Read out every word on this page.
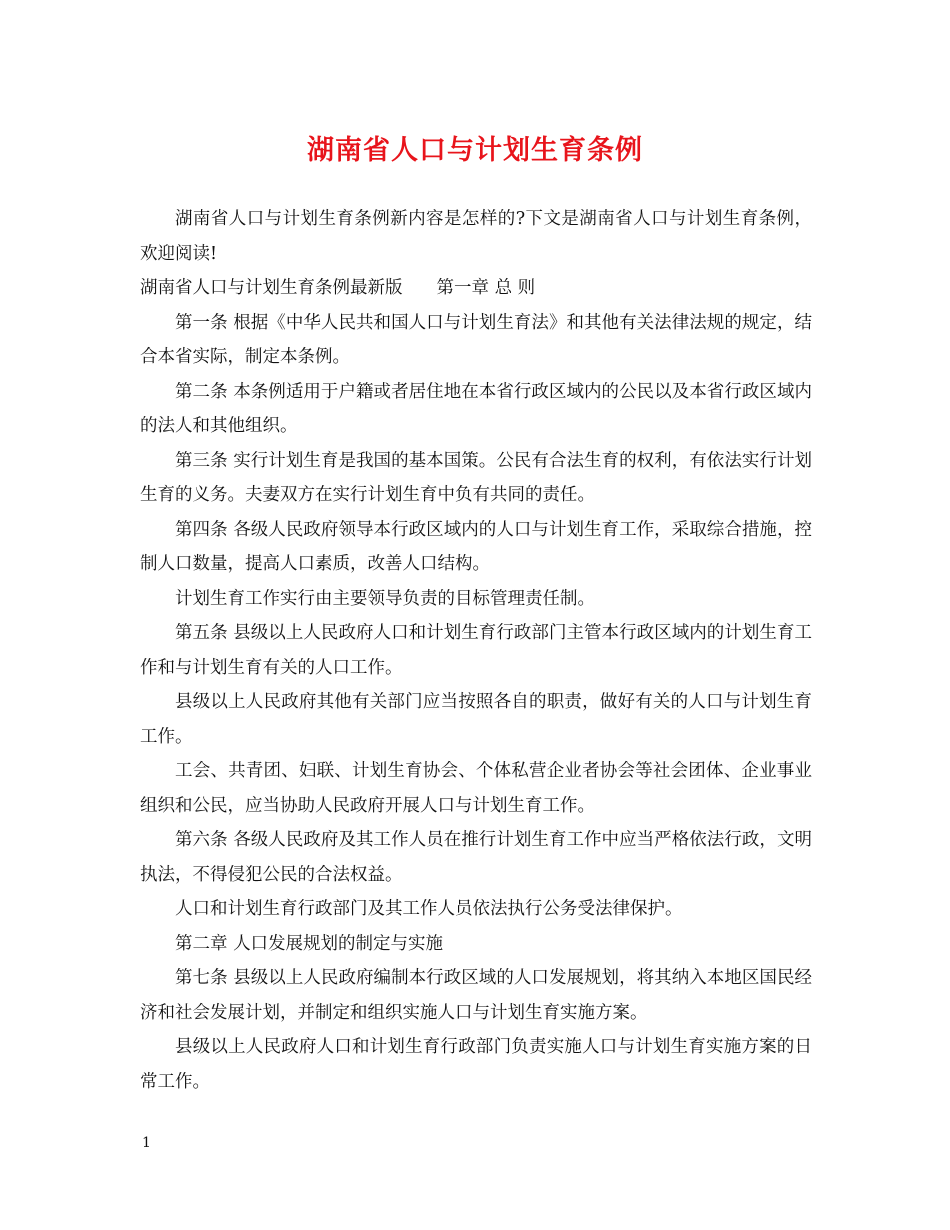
湖南省人口与计划生育条例

湖南省人口与计划生育条例新内容是怎样的?下文是湖南省人口与计划生育条例，欢迎阅读!

湖南省人口与计划生育条例最新版 第一章 总 则

第一条 根据《中华人民共和国人口与计划生育法》和其他有关法律法规的规定，结合本省实际，制定本条例。

第二条 本条例适用于户籍或者居住地在本省行政区域内的公民以及本省行政区域内的法人和其他组织。

第三条 实行计划生育是我国的基本国策。公民有合法生育的权利，有依法实行计划生育的义务。夫妻双方在实行计划生育中负有共同的责任。

第四条 各级人民政府领导本行政区域内的人口与计划生育工作，采取综合措施，控制人口数量，提高人口素质，改善人口结构。

计划生育工作实行由主要领导负责的目标管理责任制。

第五条 县级以上人民政府人口和计划生育行政部门主管本行政区域内的计划生育工作和与计划生育有关的人口工作。

县级以上人民政府其他有关部门应当按照各自的职责，做好有关的人口与计划生育工作。

工会、共青团、妇联、计划生育协会、个体私营企业者协会等社会团体、企业事业组织和公民，应当协助人民政府开展人口与计划生育工作。

第六条 各级人民政府及其工作人员在推行计划生育工作中应当严格依法行政，文明执法，不得侵犯公民的合法权益。

人口和计划生育行政部门及其工作人员依法执行公务受法律保护。

第二章 人口发展规划的制定与实施

第七条 县级以上人民政府编制本行政区域的人口发展规划，将其纳入本地区国民经济和社会发展计划，并制定和组织实施人口与计划生育实施方案。

县级以上人民政府人口和计划生育行政部门负责实施人口与计划生育实施方案的日常工作。

1
